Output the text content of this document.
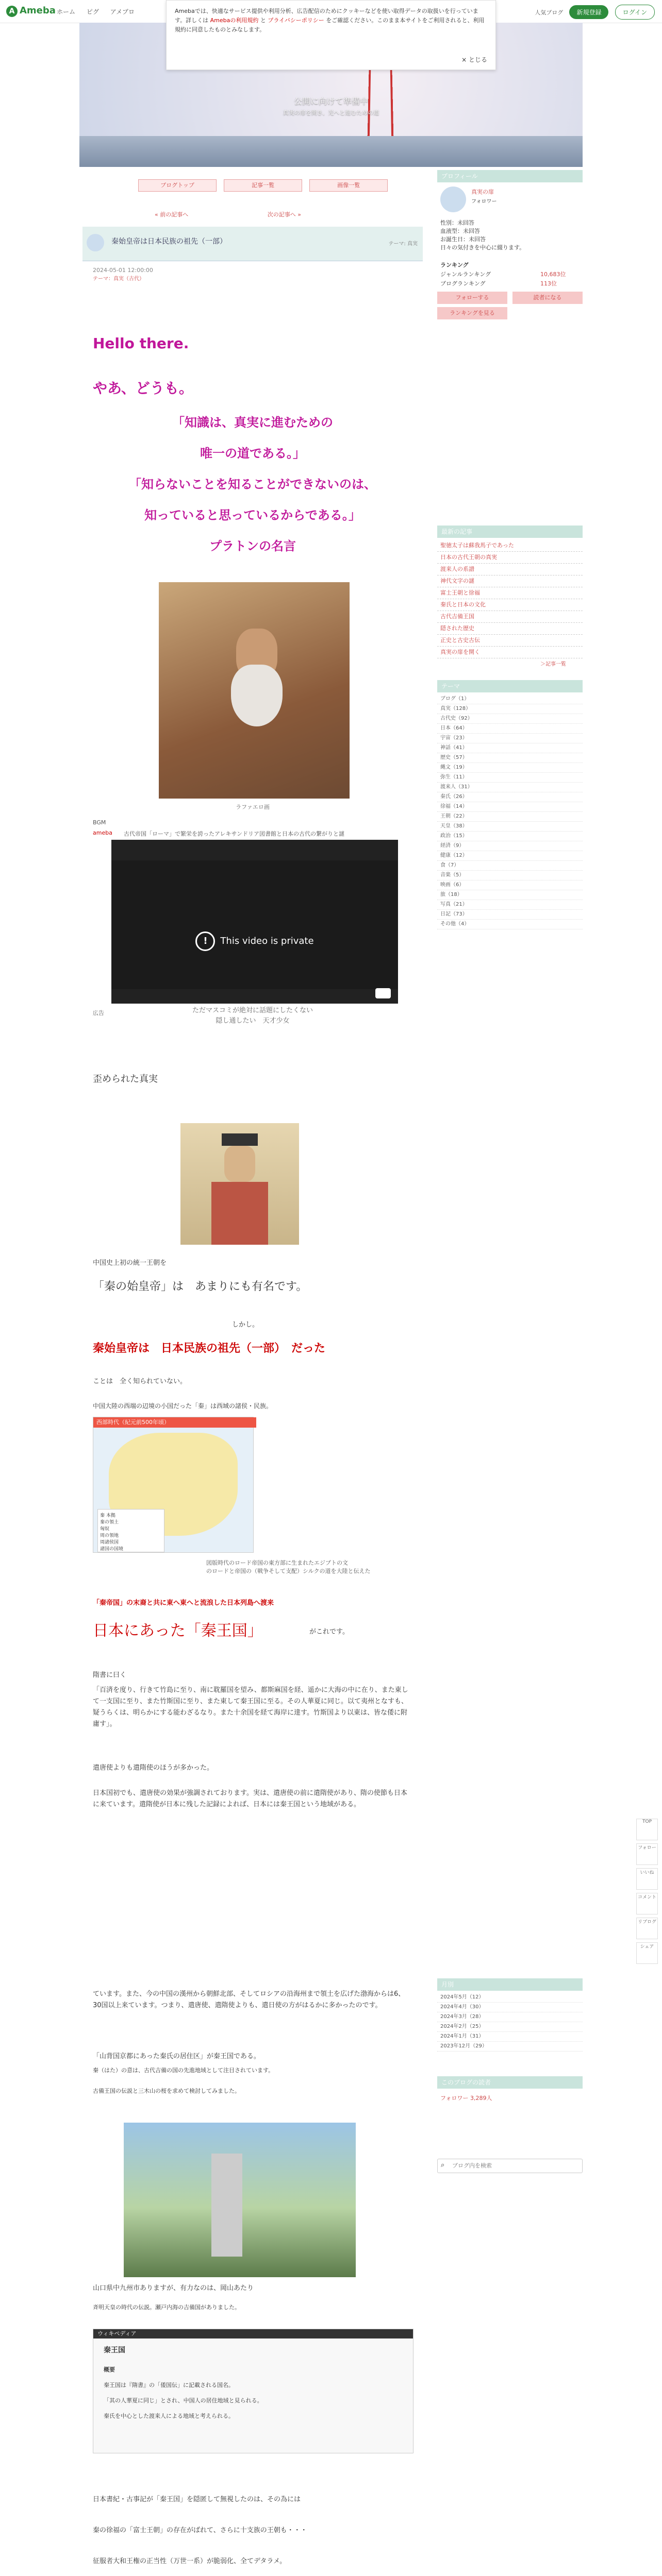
A Ameba ホーム ピグ アメブロ	人気ブログ 新規登録	ログイン
Amebaでは、快適なサービス提供や利用分析、広告配信のためにクッキーなどを使い取得データの取扱いを行っています。詳しくは Amebaの利用規約 と プライバシーポリシー をご確認ください。このまま本サイトをご利用されると、利用規約に同意したものとみなします。
× とじる
公開に向けて準備中
真実の扉を開き、光へと進むための道
ブログトップ	記事一覧	画像一覧
« 前の記事へ	次の記事へ »
秦始皇帝は日本民族の祖先（一部）	テーマ: 真実
2024-05-01 12:00:00
テーマ：真実（古代）
Hello there.
やあ、どうも。
「知識は、真実に進むための
唯一の道である。」
「知らないことを知ることができないのは、
知っていると思っているからである。」
プラトンの名言
ラファエロ画
BGM
ameba 古代帝国「ローマ」で繁栄を誇ったアレキサンドリア図書館と日本の古代の繋がりと謎
! This video is private
広告	ただマスコミが絶対に話題にしたくない
隠し通したい　天才少女
歪められた真実
中国史上初の統一王朝を
「秦の始皇帝」は　あまりにも有名です。
しかし。
秦始皇帝は　日本民族の祖先（一部）　だった
ことは　全く知られていない。
中国大陸の西端の辺境の小国だった「秦」は西域の諸侯・民族。
西部時代（紀元前500年頃）
秦 本拠
秦の領土
匈奴
周の領地
周諸侯国
諸国の国境
図版時代のロード帝国の東方部に生まれたエジプトの文
のロードと帝国の（戦争そして支配）シルクの道を大陸と伝えた
「秦帝国」の末裔と共に東へ東へと流浪した日本列島へ渡来
日本にあった「秦王国」	がこれです。
隋書に曰く
「百済を度り、行きて竹島に至り、南に耽羅国を望み、都斯麻国を経、遥かに大海の中に在り、また東して一支国に至り、また竹斯国に至り、また東して秦王国に至る。その人華夏に同じ。以て夷州となすも、疑うらくは、明らかにする能わざるなり。また十余国を経て海岸に達す。竹斯国より以東は、皆な倭に附庸す」。
遣唐使よりも遣隋使のほうが多かった。
日本国初でも、遣唐使の効果が強調されております。実は、遣唐使の前に遣隋使があり、隋の使節も日本に来ています。遣隋使が日本に残した記録によれば、日本には秦王国という地域がある。
ています。また、今の中国の漢州から朝鮮北部、そしてロシアの沿海州まで領土を広げた渤海からは6、30国以上来ています。つまり、遣唐使、遣隋使よりも、遣日使の方がはるかに多かったのです。
「山背国京都にあった秦氏の居住区」が秦王国である。
秦（はた）の意は、古代吉備の国の先進地域として注目されています。
古備王国の伝説と三木山の桜を求めて検討してみました。
山口県中九州市ありますが、有力なのは、岡山あたり
斉明天皇の時代の伝説。瀬戸内海の吉備国がありました。
ウィキペディア
秦王国
概要
秦王国は『隋書』の「倭国伝」に記載される国名。
「其の人華夏に同じ」とされ、中国人の居住地域と見られる。
秦氏を中心とした渡来人による地域と考えられる。
日本書紀・古事記が「秦王国」を隠匿して無視したのは、その為には
秦の徐福の「富士王朝」の存在がばれて、さらに十支族の王朝も・・・
征服者大和王権の正当性（万世一系）が脆弱化、全てデタラメ。
プロフィール
真実の扉
フォロワー
性別：未回答
血液型：未回答
お誕生日：未回答
日々の気付きを中心に綴ります。
ランキング
ジャンルランキング	10,683位
ブログランキング	113位
フォローする	読者になる
ランキングを見る
最新の記事
聖徳太子は蘇我馬子であった
日本の古代王朝の真実
渡来人の系譜
神代文字の謎
富士王朝と徐福
秦氏と日本の文化
古代吉備王国
隠された歴史
正史と古史古伝
真実の扉を開く
＞記事一覧
テーマ
ブログ（1）
真実（128）
古代史（92）
日本（64）
宇宙（23）
神話（41）
歴史（57）
縄文（19）
弥生（11）
渡来人（31）
秦氏（26）
徐福（14）
王朝（22）
天皇（38）
政治（15）
経済（9）
健康（12）
食（7）
音楽（5）
映画（6）
旅（18）
写真（21）
日記（73）
その他（4）
月別
2024年5月（12）
2024年4月（30）
2024年3月（28）
2024年2月（25）
2024年1月（31）
2023年12月（29）
このブログの読者
フォロワー 3,289人
⌕
ブログ内を検索
TOP
フォロー
いいね
コメント
リブログ
シェア
